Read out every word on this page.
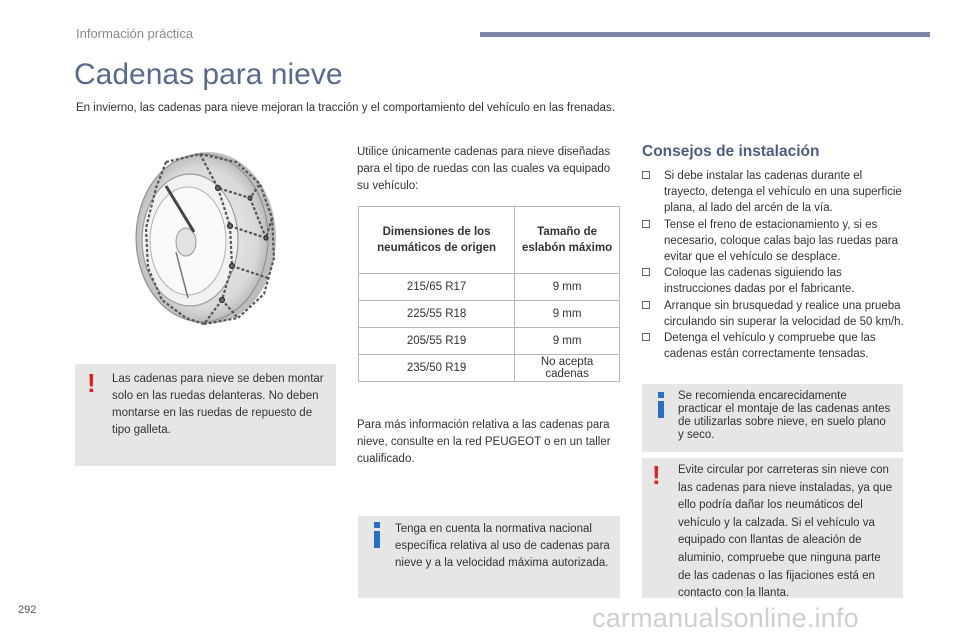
Información práctica
Cadenas para nieve
En invierno, las cadenas para nieve mejoran la tracción y el comportamiento del vehículo en las frenadas.
! Las cadenas para nieve se deben montar solo en las ruedas delanteras. No deben montarse en las ruedas de repuesto de tipo galleta.
Utilice únicamente cadenas para nieve diseñadas para el tipo de ruedas con las cuales va equipado su vehículo:
Dimensiones de los neumáticos de origen	Tamaño de eslabón máximo
215/65 R17	9 mm
225/55 R18	9 mm
205/55 R19	9 mm
235/50 R19	No acepta cadenas
Para más información relativa a las cadenas para nieve, consulte en la red PEUGEOT o en un taller cualificado.
Tenga en cuenta la normativa nacional específica relativa al uso de cadenas para nieve y a la velocidad máxima autorizada.
Consejos de instalación
Si debe instalar las cadenas durante el trayecto, detenga el vehículo en una superficie plana, al lado del arcén de la vía.
Tense el freno de estacionamiento y, si es necesario, coloque calas bajo las ruedas para evitar que el vehículo se desplace.
Coloque las cadenas siguiendo las instrucciones dadas por el fabricante.
Arranque sin brusquedad y realice una prueba circulando sin superar la velocidad de 50 km/h.
Detenga el vehículo y compruebe que las cadenas están correctamente tensadas.
Se recomienda encarecidamente practicar el montaje de las cadenas antes de utilizarlas sobre nieve, en suelo plano y seco.
! Evite circular por carreteras sin nieve con las cadenas para nieve instaladas, ya que ello podría dañar los neumáticos del vehículo y la calzada. Si el vehículo va equipado con llantas de aleación de aluminio, compruebe que ninguna parte de las cadenas o las fijaciones está en contacto con la llanta.
292	carmanualsonline.info
